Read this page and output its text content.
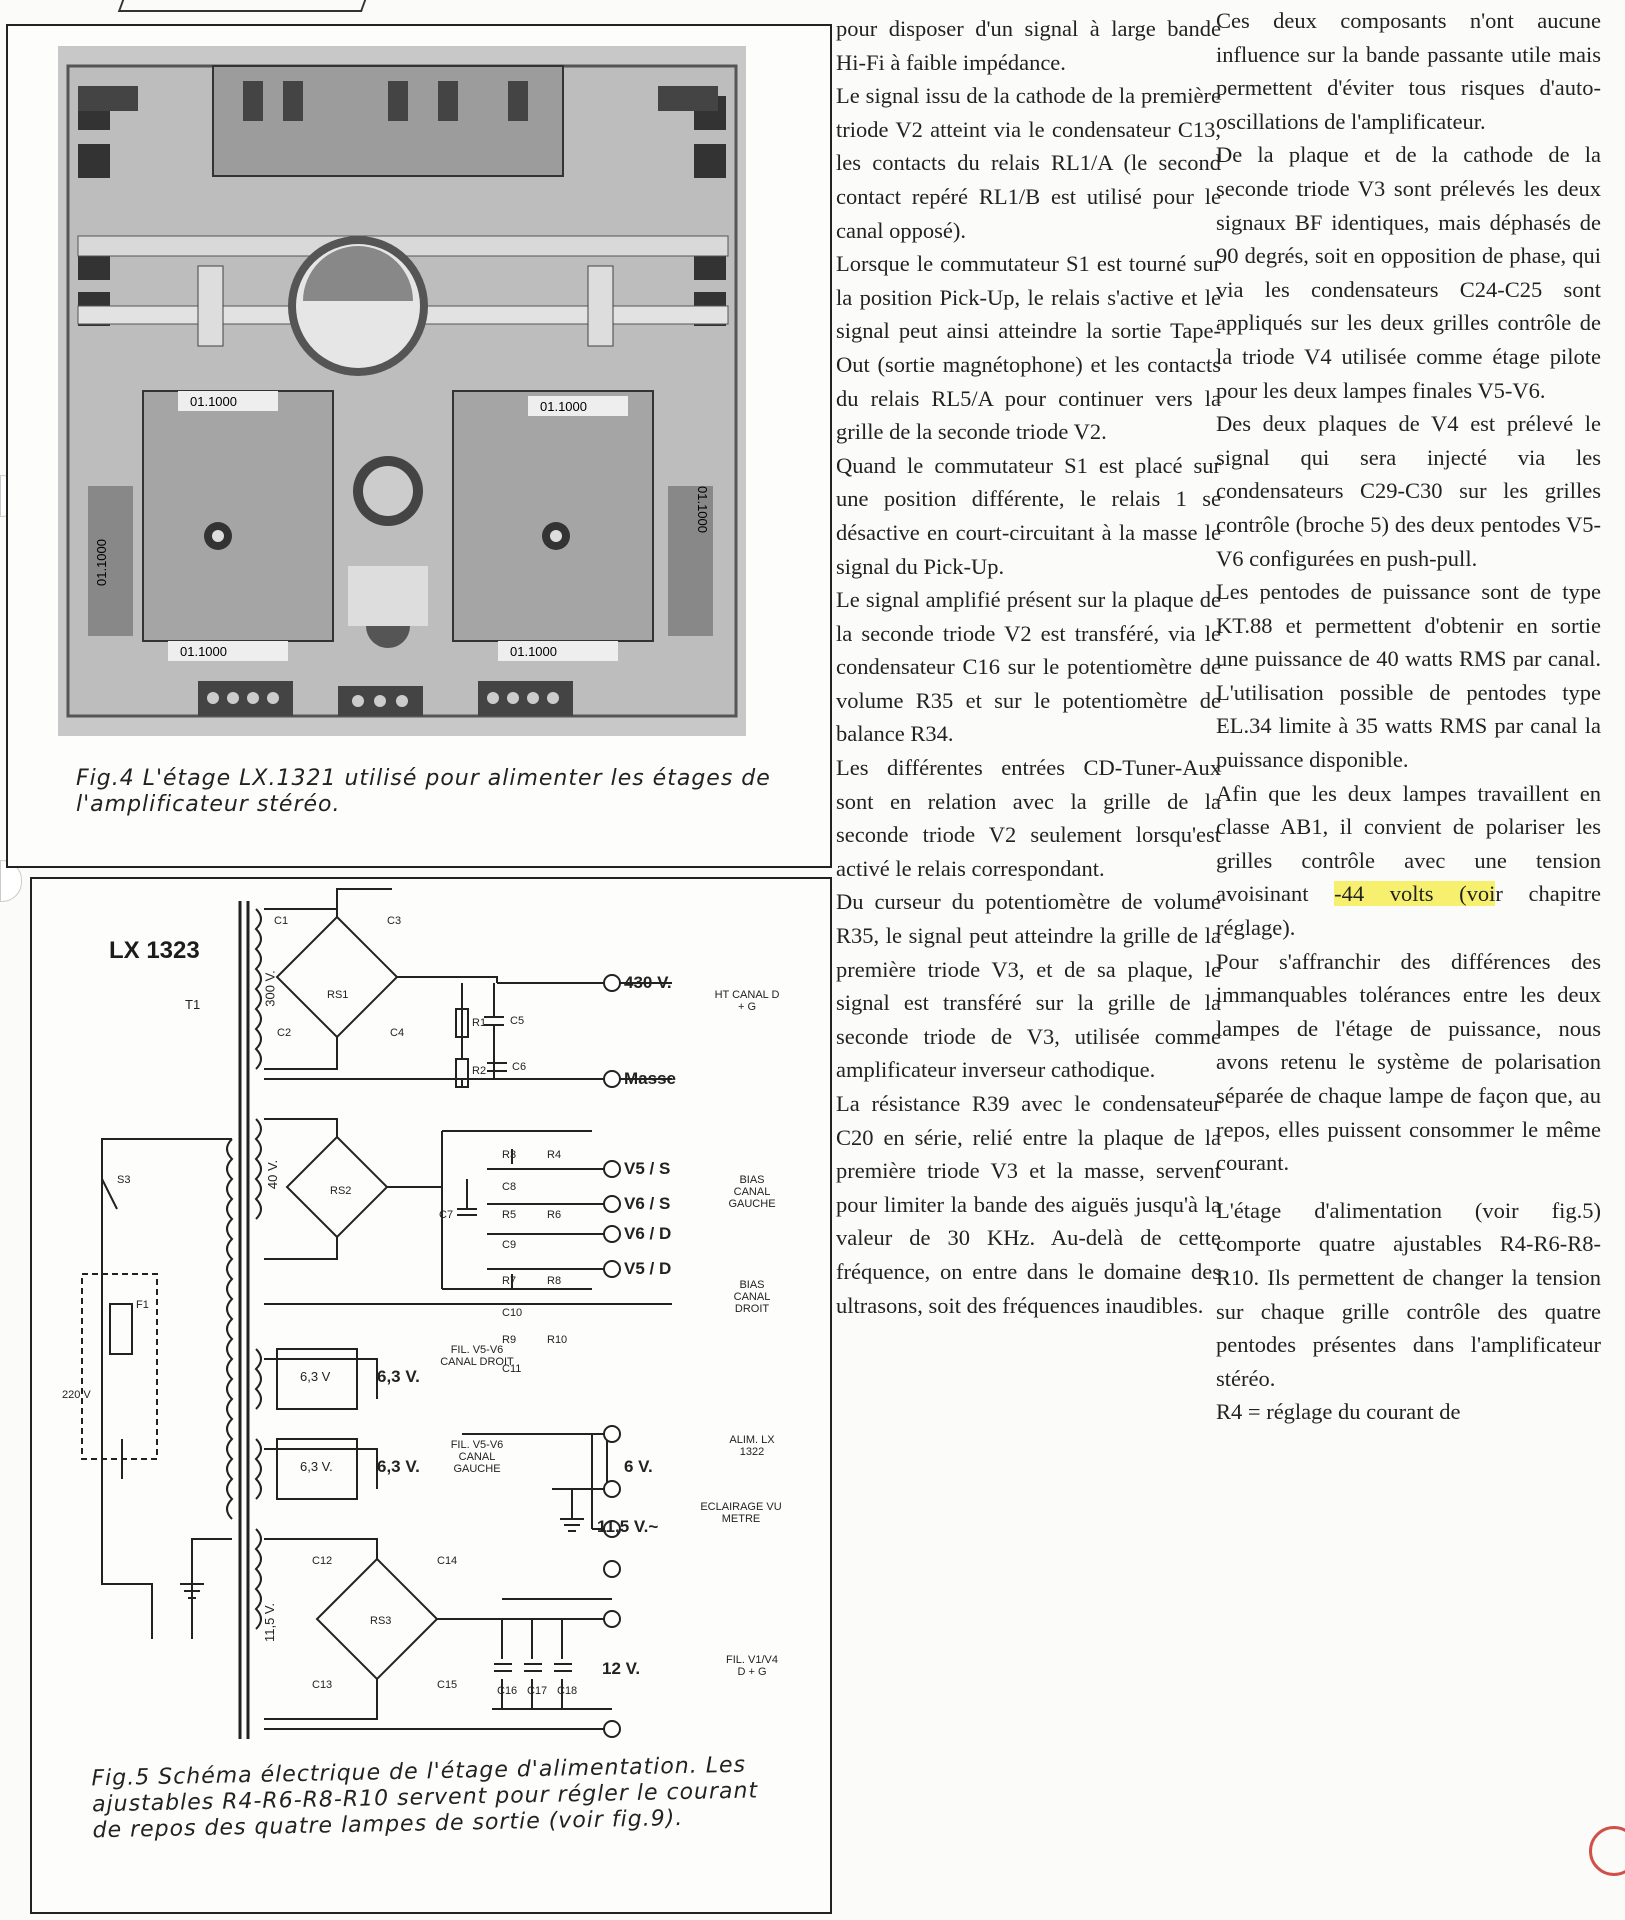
01.1000	01.1000
01.1000	01.1000
01.1000
01.1000
Fig.4 L'étage LX.1321 utilisé pour alimenter les étages de l'amplificateur stéréo.
LX 1323
T1
S3
F1
220 V
300 V.
40 V.
6,3 V
6,3 V.
11,5 V.
C1
C2
C3
C4
RS1
R1 C5
R2 C6
RS2
C7
R3	R4
C8
R5	R6
C9
R7	R8
C10
R9	R10
C11
RS3
C12
C13
C14
C15	C16 C17 C18
430 V.
Masse
V5 / S
V6 / S
V6 / D
V5 / D
6,3 V.
6,3 V.	6 V.
11,5 V.~
12 V.
HT CANAL D + G
BIAS CANAL GAUCHE
BIAS CANAL DROIT
FIL. V5-V6 CANAL DROIT
FIL. V5-V6 CANAL GAUCHE
ALIM. LX 1322
ECLAIRAGE VU METRE
FIL. V1/V4 D + G
Fig.5 Schéma électrique de l'étage d'alimentation. Les ajustables R4-R6-R8-R10 servent pour régler le courant de repos des quatre lampes de sortie (voir fig.9).

pour disposer d'un signal à large bande Hi-Fi à faible impédance.

Le signal issu de la cathode de la première triode V2 atteint via le condensateur C13, les contacts du relais RL1/A (le second contact repéré RL1/B est utilisé pour le canal opposé).

Lorsque le commutateur S1 est tourné sur la position Pick-Up, le relais s'active et le signal peut ainsi atteindre la sortie Tape-Out (sortie magnétophone) et les contacts du relais RL5/A pour continuer vers la grille de la seconde triode V2.

Quand le commutateur S1 est placé sur une position différente, le relais 1 se désactive en court-circuitant à la masse le signal du Pick-Up.

Le signal amplifié présent sur la plaque de la seconde triode V2 est transféré, via le condensateur C16 sur le potentiomètre de volume R35 et sur le potentiomètre de balance R34.

Les différentes entrées CD-Tuner-Aux sont en relation avec la grille de la seconde triode V2 seulement lorsqu'est activé le relais correspondant.

Du curseur du potentiomètre de volume R35, le signal peut atteindre la grille de la première triode V3, et de sa plaque, le signal est transféré sur la grille de la seconde triode de V3, utilisée comme amplificateur inverseur cathodique.

La résistance R39 avec le condensateur C20 en série, relié entre la plaque de la première triode V3 et la masse, servent pour limiter la bande des aiguës jusqu'à la valeur de 30 KHz. Au-delà de cette fréquence, on entre dans le domaine des ultrasons, soit des fréquences inaudibles.

Ces deux composants n'ont aucune influence sur la bande passante utile mais permettent d'éviter tous risques d'auto-oscillations de l'amplificateur.

De la plaque et de la cathode de la seconde triode V3 sont prélevés les deux signaux BF identiques, mais déphasés de 90 degrés, soit en opposition de phase, qui via les condensateurs C24-C25 sont appliqués sur les deux grilles contrôle de la triode V4 utilisée comme étage pilote pour les deux lampes finales V5-V6.

Des deux plaques de V4 est prélevé le signal qui sera injecté via les condensateurs C29-C30 sur les grilles contrôle (broche 5) des deux pentodes V5-V6 configurées en push-pull.

Les pentodes de puissance sont de type KT.88 et permettent d'obtenir en sortie une puissance de 40 watts RMS par canal. L'utilisation possible de pentodes type EL.34 limite à 35 watts RMS par canal la puissance disponible.

Afin que les deux lampes travaillent en classe AB1, il convient de polariser les grilles contrôle avec une tension avoisinant -44 volts (voir chapitre réglage).

Pour s'affranchir des différences des immanquables tolérances entre les deux lampes de l'étage de puissance, nous avons retenu le système de polarisation séparée de chaque lampe de façon que, au repos, elles puissent consommer le même courant.

L'étage d'alimentation (voir fig.5) comporte quatre ajustables R4-R6-R8-R10. Ils permettent de changer la tension sur chaque grille contrôle des quatre pentodes présentes dans l'amplificateur stéréo.

R4 = réglage du courant de
